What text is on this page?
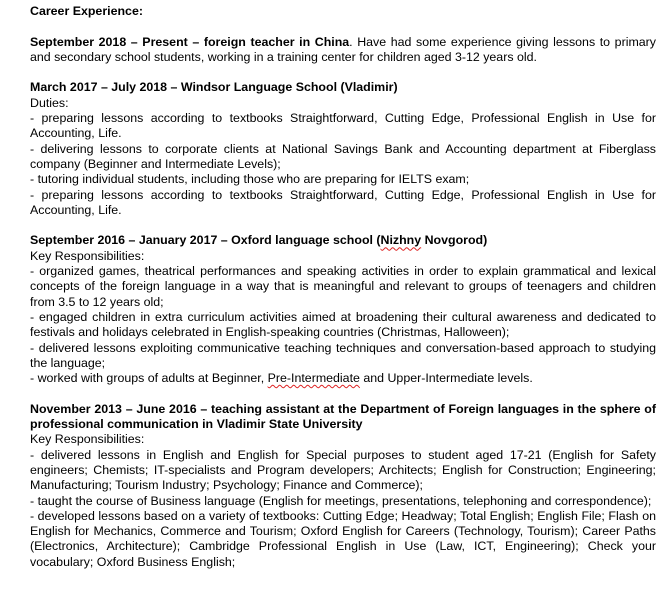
Career Experience:

September 2018 – Present – foreign teacher in China. Have had some experience giving lessons to primary and secondary school students, working in a training center for children aged 3-12 years old.

March 2017 – July 2018 – Windsor Language School (Vladimir)

Duties:

- preparing lessons according to textbooks Straightforward, Cutting Edge, Professional English in Use for Accounting, Life.

- delivering lessons to corporate clients at National Savings Bank and Accounting department at Fiberglass company (Beginner and Intermediate Levels);

- tutoring individual students, including those who are preparing for IELTS exam;

- preparing lessons according to textbooks Straightforward, Cutting Edge, Professional English in Use for Accounting, Life.

September 2016 – January 2017 – Oxford language school (Nizhny Novgorod)

Key Responsibilities:

- organized games, theatrical performances and speaking activities in order to explain grammatical and lexical concepts of the foreign language in a way that is meaningful and relevant to groups of teenagers and children from 3.5 to 12 years old;

- engaged children in extra curriculum activities aimed at broadening their cultural awareness and dedicated to festivals and holidays celebrated in English-speaking countries (Christmas, Halloween);

- delivered lessons exploiting communicative teaching techniques and conversation-based approach to studying the language;

- worked with groups of adults at Beginner, Pre-Intermediate and Upper-Intermediate levels.

November 2013 – June 2016 – teaching assistant at the Department of Foreign languages in the sphere of professional communication in Vladimir State University

Key Responsibilities:

- delivered lessons in English and English for Special purposes to student aged 17-21 (English for Safety engineers; Chemists; IT-specialists and Program developers; Architects; English for Construction; Engineering; Manufacturing; Tourism Industry; Psychology; Finance and Commerce);

- taught the course of Business language (English for meetings, presentations, telephoning and correspondence);

- developed lessons based on a variety of textbooks: Cutting Edge; Headway; Total English; English File; Flash on English for Mechanics, Commerce and Tourism; Oxford English for Careers (Technology, Tourism); Career Paths (Electronics, Architecture); Cambridge Professional English in Use (Law, ICT, Engineering); Check your vocabulary; Oxford Business English;
